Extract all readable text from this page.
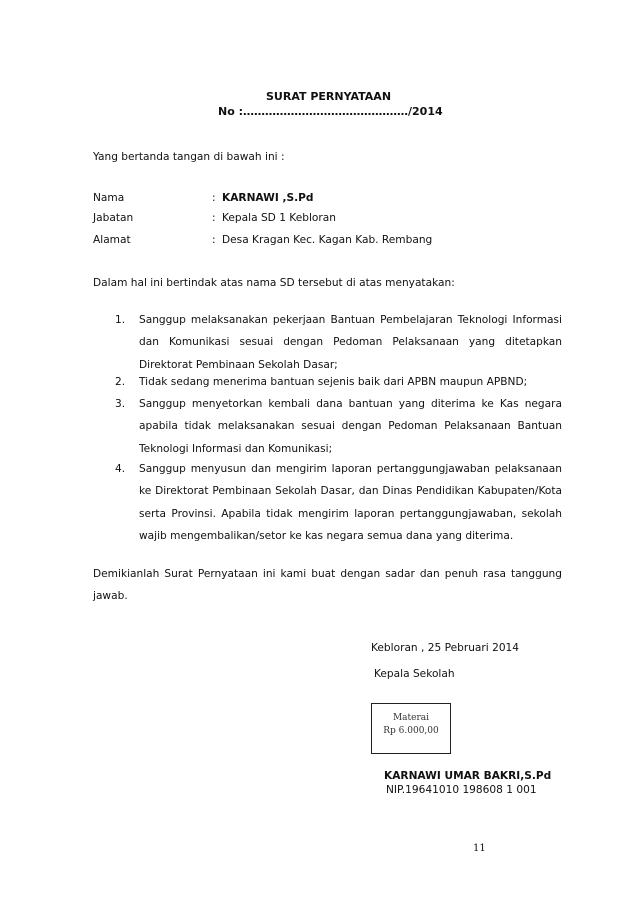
SURAT PERNYATAAN
No :………………………………………/2014
Yang bertanda tangan di bawah ini :
Nama	: KARNAWI ,S.Pd
Jabatan	: Kepala SD 1 Kebloran
Alamat	: Desa Kragan Kec. Kagan Kab. Rembang
Dalam hal ini bertindak atas nama SD tersebut di atas menyatakan:
1. Sanggup melaksanakan pekerjaan Bantuan Pembelajaran Teknologi Informasi dan Komunikasi sesuai dengan Pedoman Pelaksanaan yang ditetapkan Direktorat Pembinaan Sekolah Dasar;
2. Tidak sedang menerima bantuan sejenis baik dari APBN maupun APBND;
3. Sanggup menyetorkan kembali dana bantuan yang diterima ke Kas negara apabila tidak melaksanakan sesuai dengan Pedoman Pelaksanaan Bantuan Teknologi Informasi dan Komunikasi;
4. Sanggup menyusun dan mengirim laporan pertanggungjawaban pelaksanaan ke Direktorat Pembinaan Sekolah Dasar, dan Dinas Pendidikan Kabupaten/Kota serta Provinsi. Apabila tidak mengirim laporan pertanggungjawaban, sekolah wajib mengembalikan/setor ke kas negara semua dana yang diterima.
Demikianlah Surat Pernyataan ini kami buat dengan sadar dan penuh rasa tanggung jawab.
Kebloran , 25 Pebruari 2014
Kepala Sekolah
Materai
Rp 6.000,00
KARNAWI UMAR BAKRI,S.Pd
NIP.19641010 198608 1 001
11
